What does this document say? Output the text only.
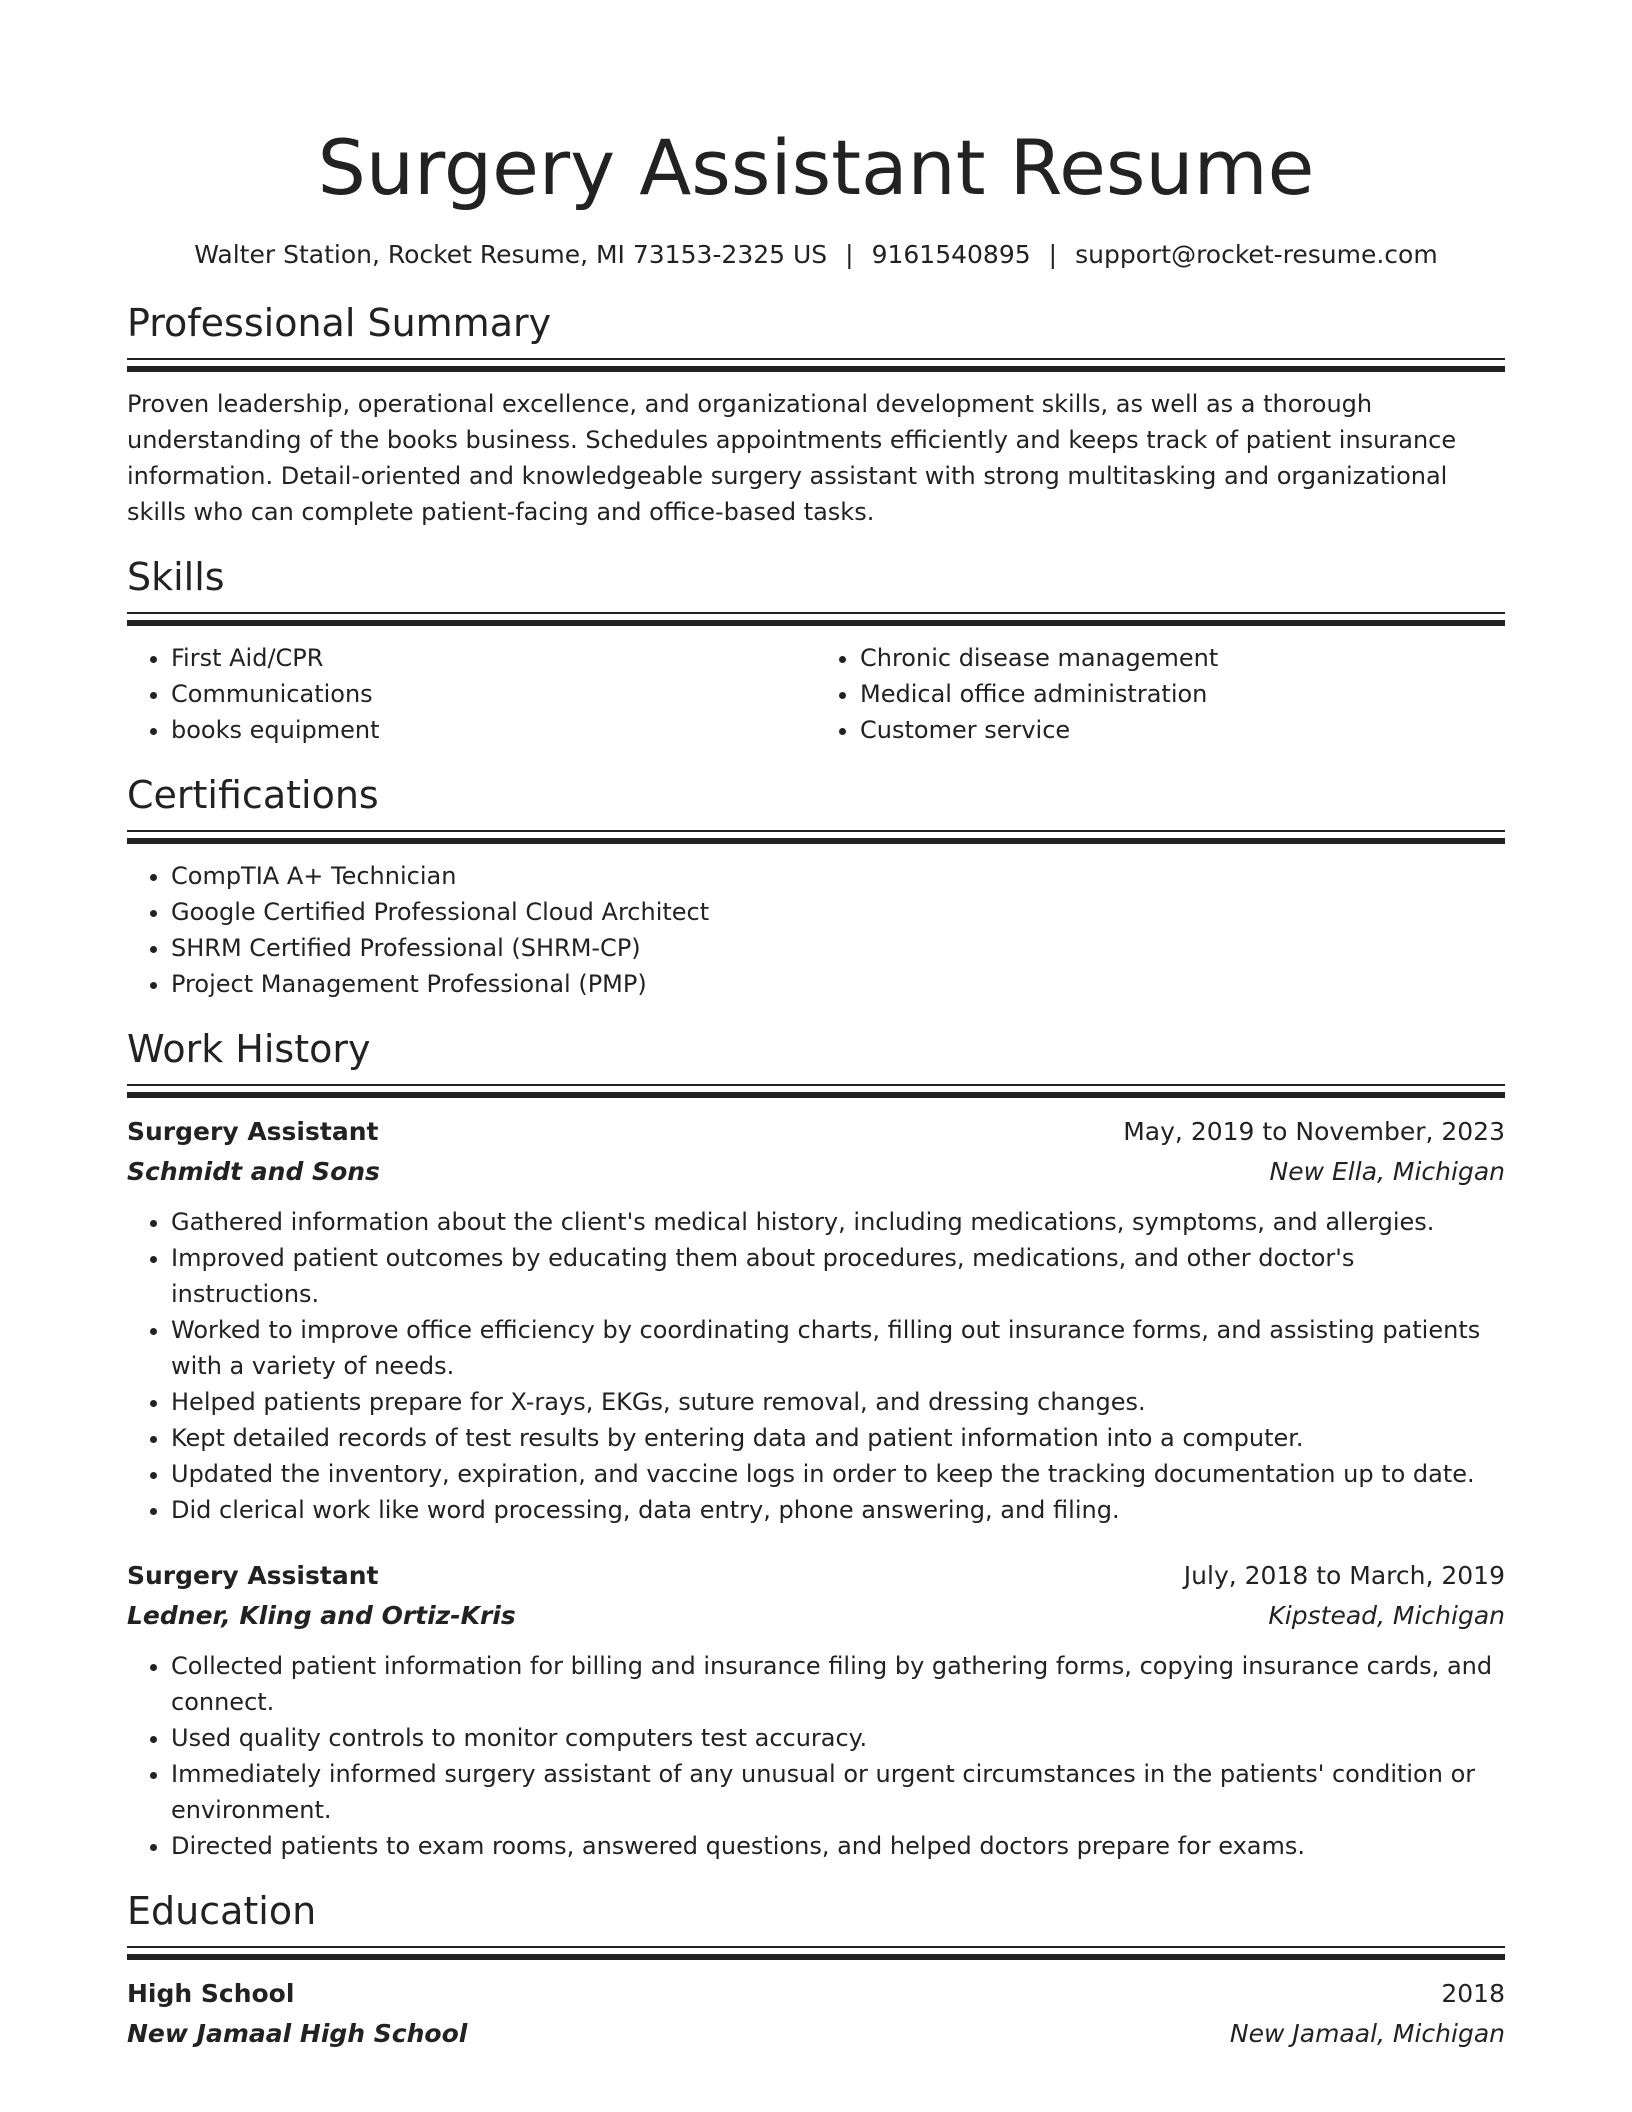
Surgery Assistant Resume
Walter Station, Rocket Resume, MI 73153-2325 US | 9161540895 | support@rocket-resume.com
Professional Summary

Proven leadership, operational excellence, and organizational development skills, as well as a thorough understanding of the books business. Schedules appointments efficiently and keeps track of patient insurance information. Detail-oriented and knowledgeable surgery assistant with strong multitasking and organizational skills who can complete patient-facing and office-based tasks.

Skills
• First Aid/CPR
• Communications
• books equipment
• Chronic disease management
• Medical office administration
• Customer service
Certifications
• CompTIA A+ Technician
• Google Certified Professional Cloud Architect
• SHRM Certified Professional (SHRM-CP)
• Project Management Professional (PMP)
Work History
Surgery Assistant	May, 2019 to November, 2023
Schmidt and Sons	New Ella, Michigan
• Gathered information about the client's medical history, including medications, symptoms, and allergies.
• Improved patient outcomes by educating them about procedures, medications, and other doctor's instructions.
• Worked to improve office efficiency by coordinating charts, filling out insurance forms, and assisting patients with a variety of needs.
• Helped patients prepare for X-rays, EKGs, suture removal, and dressing changes.
• Kept detailed records of test results by entering data and patient information into a computer.
• Updated the inventory, expiration, and vaccine logs in order to keep the tracking documentation up to date.
• Did clerical work like word processing, data entry, phone answering, and filing.
Surgery Assistant	July, 2018 to March, 2019
Ledner, Kling and Ortiz-Kris	Kipstead, Michigan
• Collected patient information for billing and insurance filing by gathering forms, copying insurance cards, and connect.
• Used quality controls to monitor computers test accuracy.
• Immediately informed surgery assistant of any unusual or urgent circumstances in the patients' condition or environment.
• Directed patients to exam rooms, answered questions, and helped doctors prepare for exams.
Education
High School	2018
New Jamaal High School	New Jamaal, Michigan
